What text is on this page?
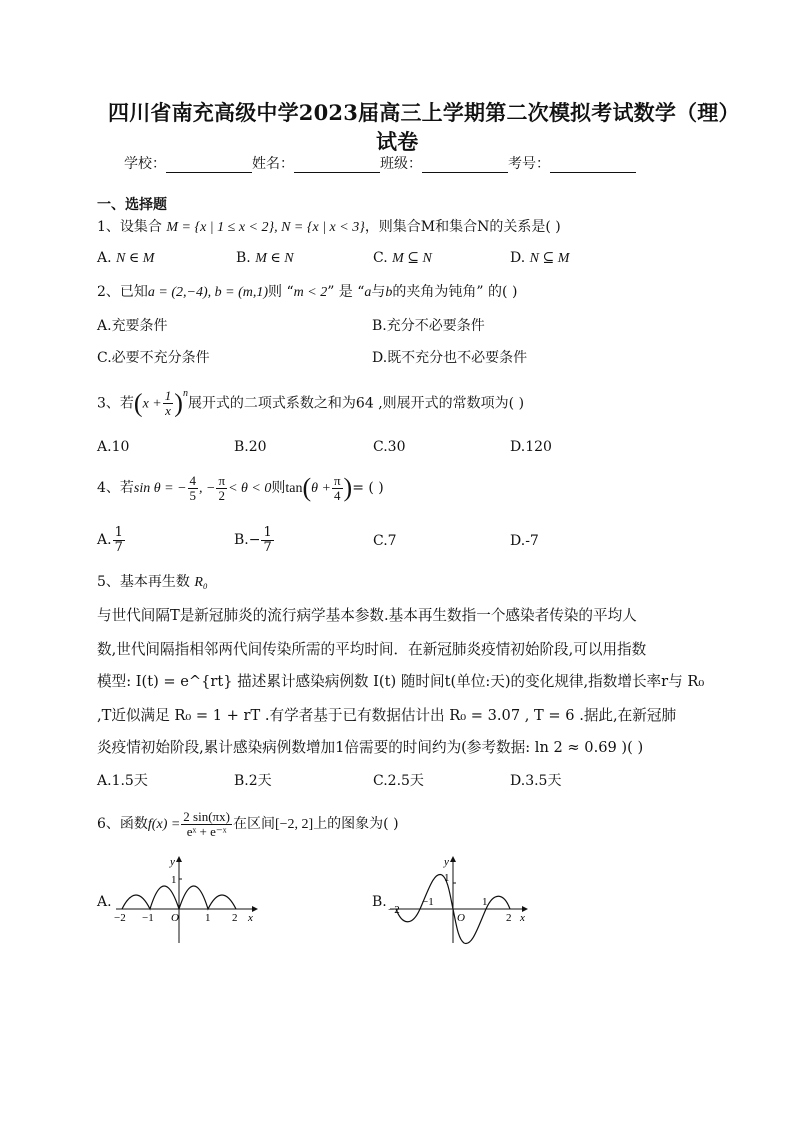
四川省南充高级中学2023届高三上学期第二次模拟考试数学（理）
试卷
学校：	姓名：	班级：	考号：
一、选择题
1、设集合 M = {x | 1 ≤ x < 2}, N = {x | x < 3}，则集合M和集合N的关系是( )
A. N ∈ M	B. M ∈ N	C. M ⊆ N	D. N ⊆ M
2、已知a = (2,−4), b = (m,1)则 “m < 2” 是 “a与b的夹角为钝角” 的( )
A.充要条件	B.充分不必要条件
C.必要不充分条件	D.既不充分也不必要条件
3、若$(x + \frac{1}{x} )^n$展开式的二项式系数之和为64 ,则展开式的常数项为( )
A.10	B.20	C.30	D.120
4、若sin θ = − $\frac{4}{5}$ , − $\frac{\pi}{2} < \theta < 0$则$\tan(\theta + \frac{\pi}{4}$ )= ( )
A. $\frac{1}{7}$	$B.- \frac{1}{7}$	C.7	D.-7
5、基本再生数 R₀
与世代间隔T是新冠肺炎的流行病学基本参数.基本再生数指一个感染者传染的平均人
数,世代间隔指相邻两代间传染所需的平均时间．在新冠肺炎疫情初始阶段,可以用指数
模型: I(t) = e^{rt} 描述累计感染病例数 I(t) 随时间t(单位:天)的变化规律,指数增长率r与 R₀
,T近似满足 R₀ = 1 + rT .有学者基于已有数据估计出 R₀ = 3.07 , T = 6 .据此,在新冠肺
炎疫情初始阶段,累计感染病例数增加1倍需要的时间约为(参考数据: ln 2 ≈ 0.69 )( )
A.1.5天	B.2天	C.2.5天	D.3.5天
6、函数$f(x) = \frac{2 \sin(\pi x)}{\text{eˣ + e⁻ˣ}}$ 在区间[−2, 2]上的图象为( )
A.
y
x
O
1
−2 −1	1 2
B.
y
x
O
1
−2
−1	1
2
